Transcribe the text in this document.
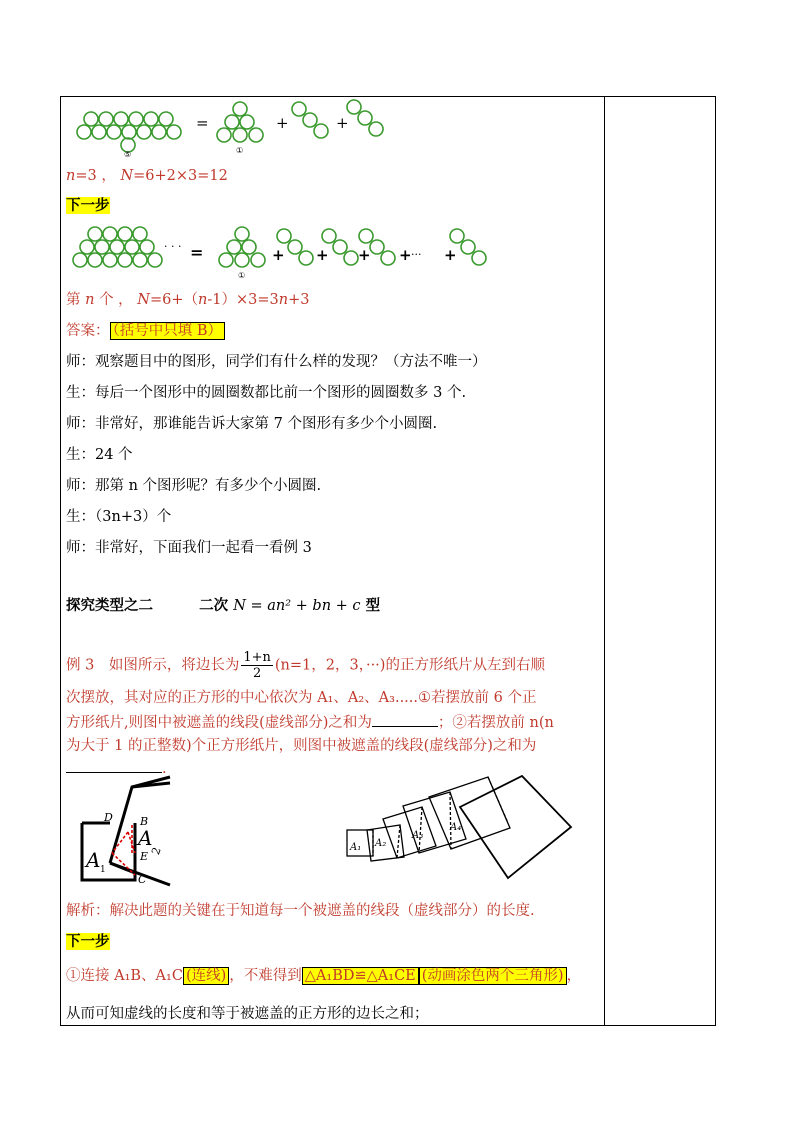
=	+	+
⑤	①
n=3 ， N=6+2×3=12
下一步
· · · =	+ + + + ··· +
①
第 n 个 ， N=6+（n-1）×3=3n+3
答案： （括号中只填 B）
师：观察题目中的图形，同学们有什么样的发现？（方法不唯一）
生：每后一个图形中的圆圈数都比前一个图形的圆圈数多 3 个.
师：非常好，那谁能告诉大家第 7 个图形有多少个小圆圈.
生：24 个
师：那第 n 个图形呢？有多少个小圆圈.
生：（3n+3）个
师：非常好，下面我们一起看一看例 3
探究类型之二	二次 N = an² + bn + c 型
例 3　如图所示，将边长为 $\frac{1+n}{2} (n=1$，2，3，···)的正方形纸片从左到右顺
次摆放，其对应的正方形的中心依次为 A₁、A₂、A₃.....①若摆放前 6 个正
方形纸片,则图中被遮盖的线段(虚线部分)之和为	；②若摆放前 n(n
为大于 1 的正整数)个正方形纸片，则图中被遮盖的线段(虚线部分)之和为
.
D B
A 1
A
2
E
C
A₁ A₂
A₃
A₄
解析：解决此题的关键在于知道每一个被遮盖的线段（虚线部分）的长度.
下一步
①连接 A₁B、A₁C (连线) ，不难得到 △A₁BD≌△A₁CE (动画涂色两个三角形) ，
从而可知虚线的长度和等于被遮盖的正方形的边长之和；
